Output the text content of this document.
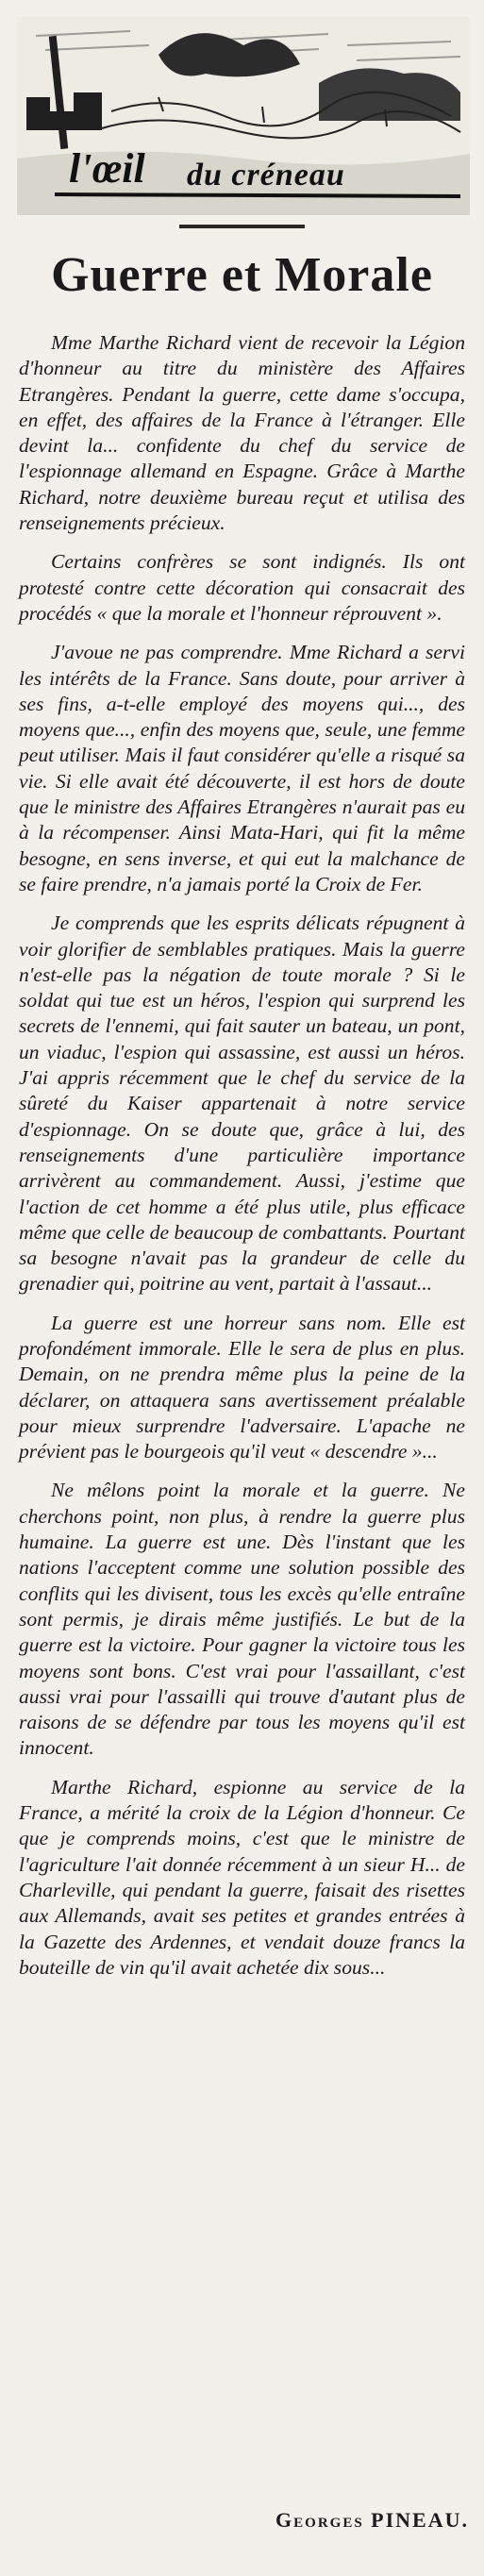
l'œil du créneau
Guerre et Morale

Mme Marthe Richard vient de recevoir la Légion d'honneur au titre du ministère des Affaires Etrangères. Pendant la guerre, cette dame s'occupa, en effet, des affaires de la France à l'étranger. Elle devint la... confidente du chef du service de l'espionnage allemand en Espagne. Grâce à Marthe Richard, notre deuxième bureau reçut et utilisa des renseignements précieux.

Certains confrères se sont indignés. Ils ont protesté contre cette décoration qui consacrait des procédés « que la morale et l'honneur réprouvent ».

J'avoue ne pas comprendre. Mme Richard a servi les intérêts de la France. Sans doute, pour arriver à ses fins, a-t-elle employé des moyens qui..., des moyens que..., enfin des moyens que, seule, une femme peut utiliser. Mais il faut considérer qu'elle a risqué sa vie. Si elle avait été découverte, il est hors de doute que le ministre des Affaires Etrangères n'aurait pas eu à la récompenser. Ainsi Mata-Hari, qui fit la même besogne, en sens inverse, et qui eut la malchance de se faire prendre, n'a jamais porté la Croix de Fer.

Je comprends que les esprits délicats répugnent à voir glorifier de semblables pratiques. Mais la guerre n'est-elle pas la négation de toute morale ? Si le soldat qui tue est un héros, l'espion qui surprend les secrets de l'ennemi, qui fait sauter un bateau, un pont, un viaduc, l'espion qui assassine, est aussi un héros. J'ai appris récemment que le chef du service de la sûreté du Kaiser appartenait à notre service d'espionnage. On se doute que, grâce à lui, des renseignements d'une particulière importance arrivèrent au commandement. Aussi, j'estime que l'action de cet homme a été plus utile, plus efficace même que celle de beaucoup de combattants. Pourtant sa besogne n'avait pas la grandeur de celle du grenadier qui, poitrine au vent, partait à l'assaut...

La guerre est une horreur sans nom. Elle est profondément immorale. Elle le sera de plus en plus. Demain, on ne prendra même plus la peine de la déclarer, on attaquera sans avertissement préalable pour mieux surprendre l'adversaire. L'apache ne prévient pas le bourgeois qu'il veut « descendre »...

Ne mêlons point la morale et la guerre. Ne cherchons point, non plus, à rendre la guerre plus humaine. La guerre est une. Dès l'instant que les nations l'acceptent comme une solution possible des conflits qui les divisent, tous les excès qu'elle entraîne sont permis, je dirais même justifiés. Le but de la guerre est la victoire. Pour gagner la victoire tous les moyens sont bons. C'est vrai pour l'assaillant, c'est aussi vrai pour l'assailli qui trouve d'autant plus de raisons de se défendre par tous les moyens qu'il est innocent.

Marthe Richard, espionne au service de la France, a mérité la croix de la Légion d'honneur. Ce que je comprends moins, c'est que le ministre de l'agriculture l'ait donnée récemment à un sieur H... de Charleville, qui pendant la guerre, faisait des risettes aux Allemands, avait ses petites et grandes entrées à la Gazette des Ardennes, et vendait douze francs la bouteille de vin qu'il avait achetée dix sous...

Georges PINEAU.
